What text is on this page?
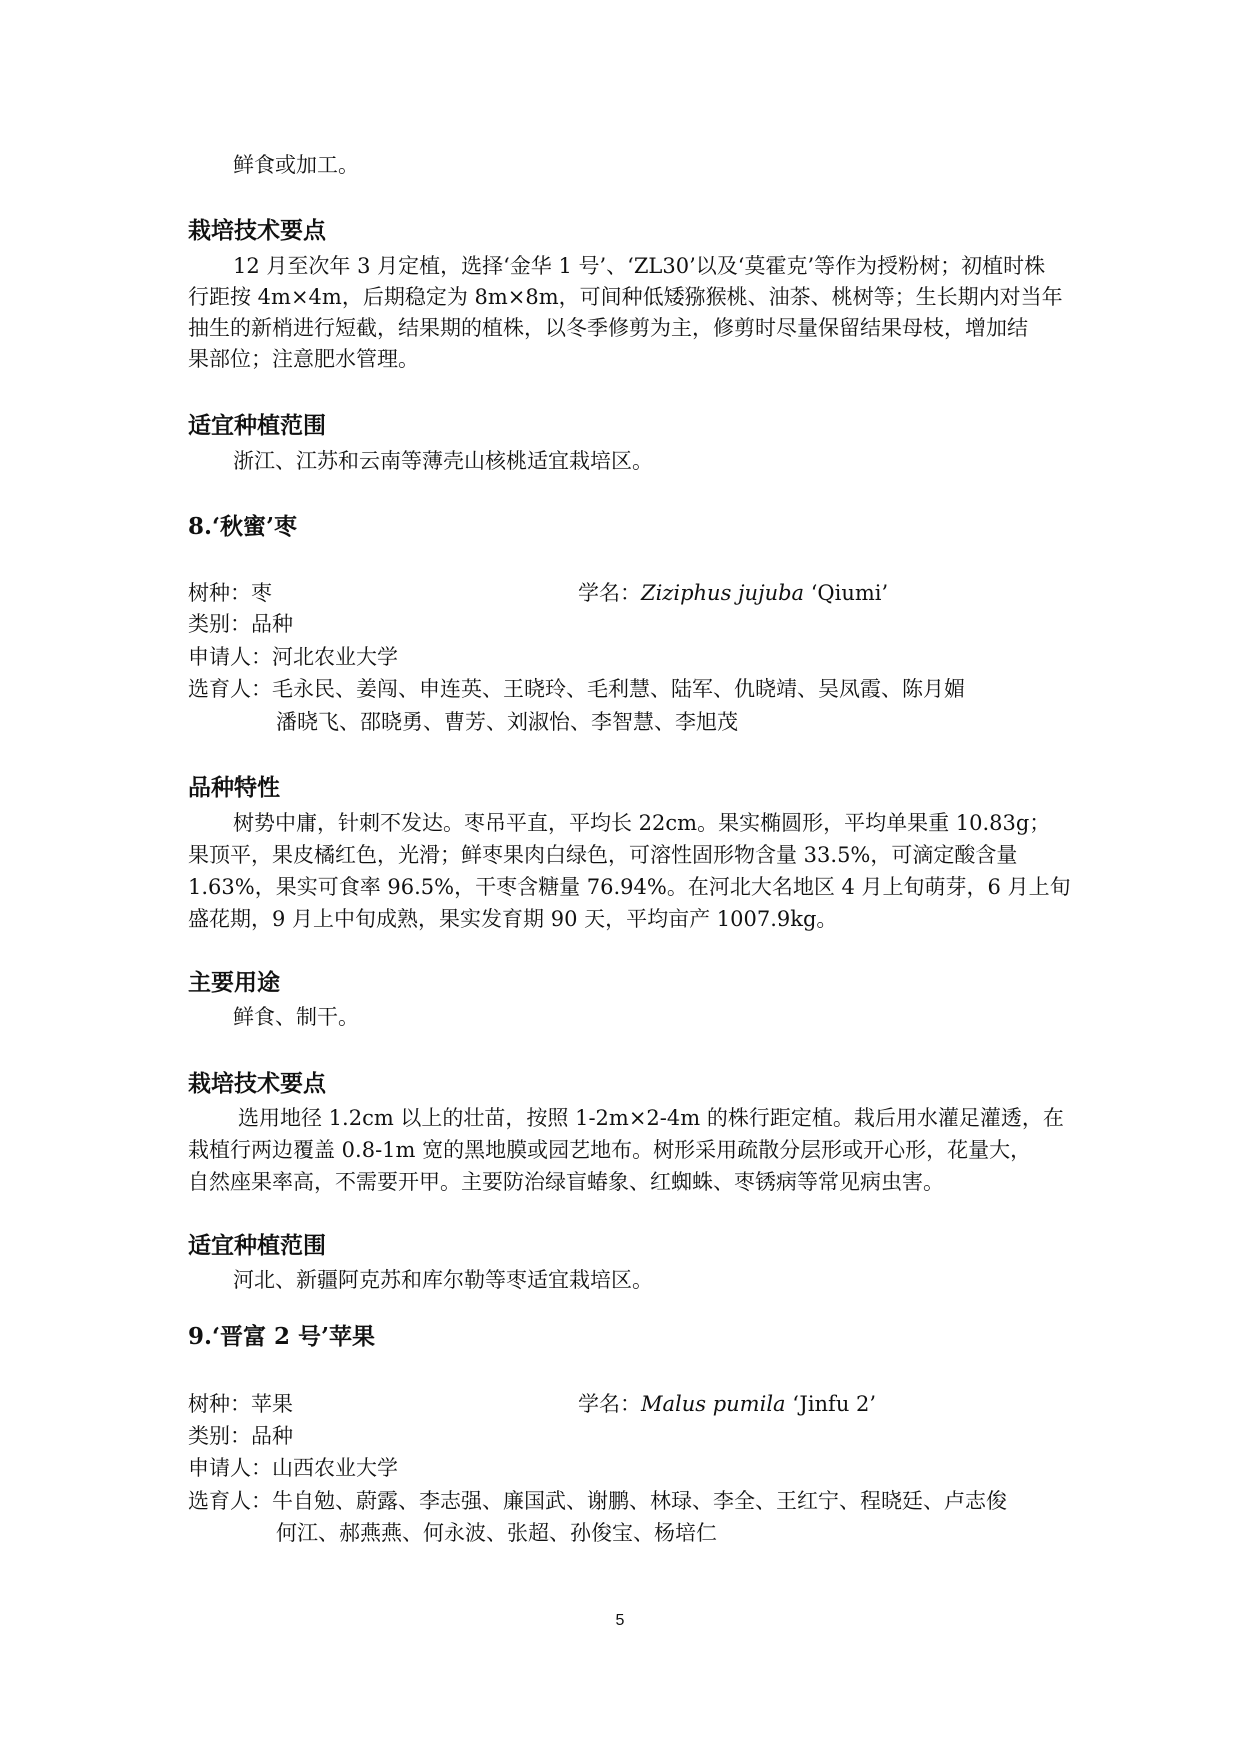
鲜食或加工。
栽培技术要点
12 月至次年 3 月定植，选择‘金华 1 号’、‘ZL30’以及‘莫霍克’等作为授粉树；初植时株
行距按 4m×4m，后期稳定为 8m×8m，可间种低矮猕猴桃、油茶、桃树等；生长期内对当年
抽生的新梢进行短截，结果期的植株，以冬季修剪为主，修剪时尽量保留结果母枝，增加结
果部位；注意肥水管理。
适宜种植范围
浙江、江苏和云南等薄壳山核桃适宜栽培区。
8.‘秋蜜’枣
树种：枣	学名：Ziziphus jujuba ‘Qiumi’
类别：品种
申请人：河北农业大学
选育人：毛永民、姜闯、申连英、王晓玲、毛利慧、陆军、仇晓靖、吴凤霞、陈月媚
潘晓飞、邵晓勇、曹芳、刘淑怡、李智慧、李旭茂
品种特性
树势中庸，针刺不发达。枣吊平直，平均长 22cm。果实椭圆形，平均单果重 10.83g；
果顶平，果皮橘红色，光滑；鲜枣果肉白绿色，可溶性固形物含量 33.5%，可滴定酸含量
1.63%，果实可食率 96.5%，干枣含糖量 76.94%。在河北大名地区 4 月上旬萌芽，6 月上旬
盛花期，9 月上中旬成熟，果实发育期 90 天，平均亩产 1007.9kg。
主要用途
鲜食、制干。
栽培技术要点
选用地径 1.2cm 以上的壮苗，按照 1-2m×2-4m 的株行距定植。栽后用水灌足灌透，在
栽植行两边覆盖 0.8-1m 宽的黑地膜或园艺地布。树形采用疏散分层形或开心形，花量大，
自然座果率高，不需要开甲。主要防治绿盲蝽象、红蜘蛛、枣锈病等常见病虫害。
适宜种植范围
河北、新疆阿克苏和库尔勒等枣适宜栽培区。
9.‘晋富 2 号’苹果
树种：苹果	学名：Malus pumila ‘Jinfu 2’
类别：品种
申请人：山西农业大学
选育人：牛自勉、蔚露、李志强、廉国武、谢鹏、林琭、李全、王红宁、程晓廷、卢志俊
何江、郝燕燕、何永波、张超、孙俊宝、杨培仁
5
